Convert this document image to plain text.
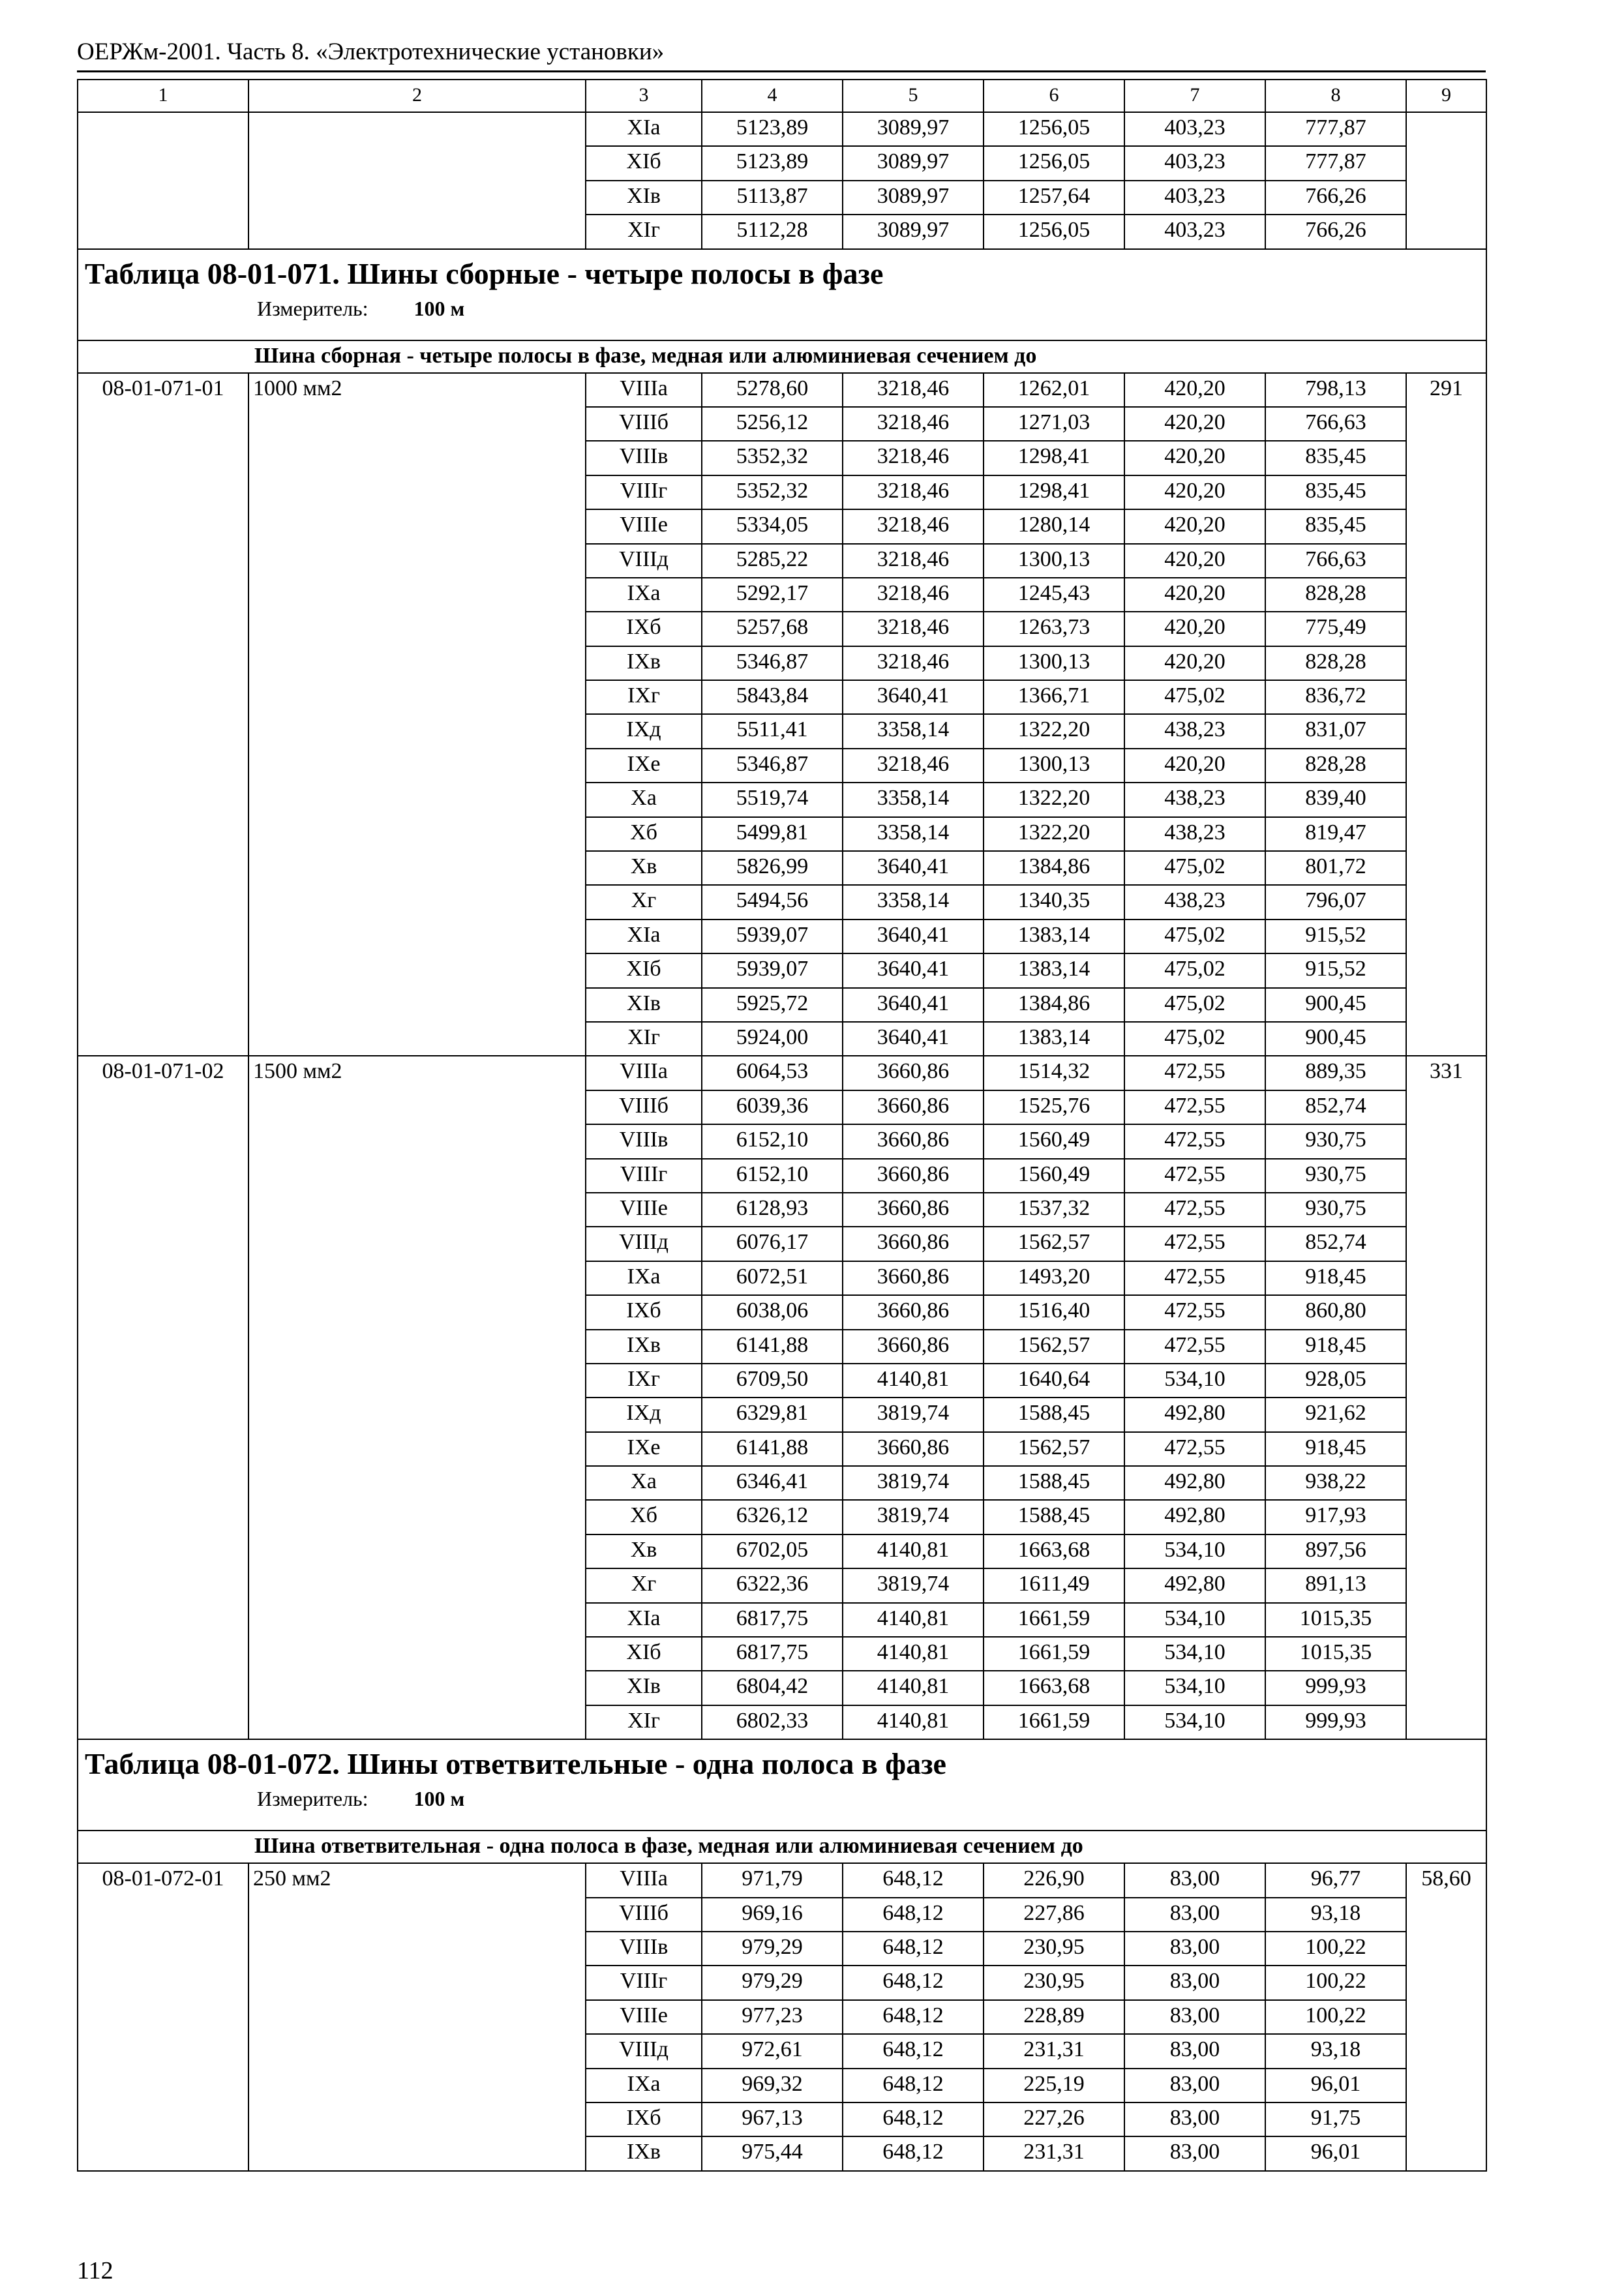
ОЕРЖм-2001. Часть 8. «Электротехнические установки»
1	2	3	4	5	6	7	8	9
		XIа	5123,89	3089,97	1256,05	403,23	777,87	
		XIб	5123,89	3089,97	1256,05	403,23	777,87	
		XIв	5113,87	3089,97	1257,64	403,23	766,26	
		XIг	5112,28	3089,97	1256,05	403,23	766,26	

Таблица 08-01-071. Шины сборные - четыре полосы в фазе
Измеритель: 100 м								

Шина сборная - четыре полосы в фазе, медная или алюминиевая сечением до								
08-01-071-01	1000 мм2	VIIIа	5278,60	3218,46	1262,01	420,20	798,13	291
		VIIIб	5256,12	3218,46	1271,03	420,20	766,63	
		VIIIв	5352,32	3218,46	1298,41	420,20	835,45	
		VIIIг	5352,32	3218,46	1298,41	420,20	835,45	
		VIIIе	5334,05	3218,46	1280,14	420,20	835,45	
		VIIIд	5285,22	3218,46	1300,13	420,20	766,63	
		IXа	5292,17	3218,46	1245,43	420,20	828,28	
		IXб	5257,68	3218,46	1263,73	420,20	775,49	
		IXв	5346,87	3218,46	1300,13	420,20	828,28	
		IXг	5843,84	3640,41	1366,71	475,02	836,72	
		IXд	5511,41	3358,14	1322,20	438,23	831,07	
		IXе	5346,87	3218,46	1300,13	420,20	828,28	
		Xа	5519,74	3358,14	1322,20	438,23	839,40	
		Xб	5499,81	3358,14	1322,20	438,23	819,47	
		Xв	5826,99	3640,41	1384,86	475,02	801,72	
		Xг	5494,56	3358,14	1340,35	438,23	796,07	
		XIа	5939,07	3640,41	1383,14	475,02	915,52	
		XIб	5939,07	3640,41	1383,14	475,02	915,52	
		XIв	5925,72	3640,41	1384,86	475,02	900,45	
		XIг	5924,00	3640,41	1383,14	475,02	900,45	
08-01-071-02	1500 мм2	VIIIа	6064,53	3660,86	1514,32	472,55	889,35	331
		VIIIб	6039,36	3660,86	1525,76	472,55	852,74	
		VIIIв	6152,10	3660,86	1560,49	472,55	930,75	
		VIIIг	6152,10	3660,86	1560,49	472,55	930,75	
		VIIIе	6128,93	3660,86	1537,32	472,55	930,75	
		VIIIд	6076,17	3660,86	1562,57	472,55	852,74	
		IXа	6072,51	3660,86	1493,20	472,55	918,45	
		IXб	6038,06	3660,86	1516,40	472,55	860,80	
		IXв	6141,88	3660,86	1562,57	472,55	918,45	
		IXг	6709,50	4140,81	1640,64	534,10	928,05	
		IXд	6329,81	3819,74	1588,45	492,80	921,62	
		IXе	6141,88	3660,86	1562,57	472,55	918,45	
		Xа	6346,41	3819,74	1588,45	492,80	938,22	
		Xб	6326,12	3819,74	1588,45	492,80	917,93	
		Xв	6702,05	4140,81	1663,68	534,10	897,56	
		Xг	6322,36	3819,74	1611,49	492,80	891,13	
		XIа	6817,75	4140,81	1661,59	534,10	1015,35	
		XIб	6817,75	4140,81	1661,59	534,10	1015,35	
		XIв	6804,42	4140,81	1663,68	534,10	999,93	
		XIг	6802,33	4140,81	1661,59	534,10	999,93	

Таблица 08-01-072. Шины ответвительные - одна полоса в фазе
Измеритель: 100 м								

Шина ответвительная - одна полоса в фазе, медная или алюминиевая сечением до								
08-01-072-01	250 мм2	VIIIа	971,79	648,12	226,90	83,00	96,77	58,60
		VIIIб	969,16	648,12	227,86	83,00	93,18	
		VIIIв	979,29	648,12	230,95	83,00	100,22	
		VIIIг	979,29	648,12	230,95	83,00	100,22	
		VIIIе	977,23	648,12	228,89	83,00	100,22	
		VIIIд	972,61	648,12	231,31	83,00	93,18	
		IXа	969,32	648,12	225,19	83,00	96,01	
		IXб	967,13	648,12	227,26	83,00	91,75	
		IXв	975,44	648,12	231,31	83,00	96,01	
112
